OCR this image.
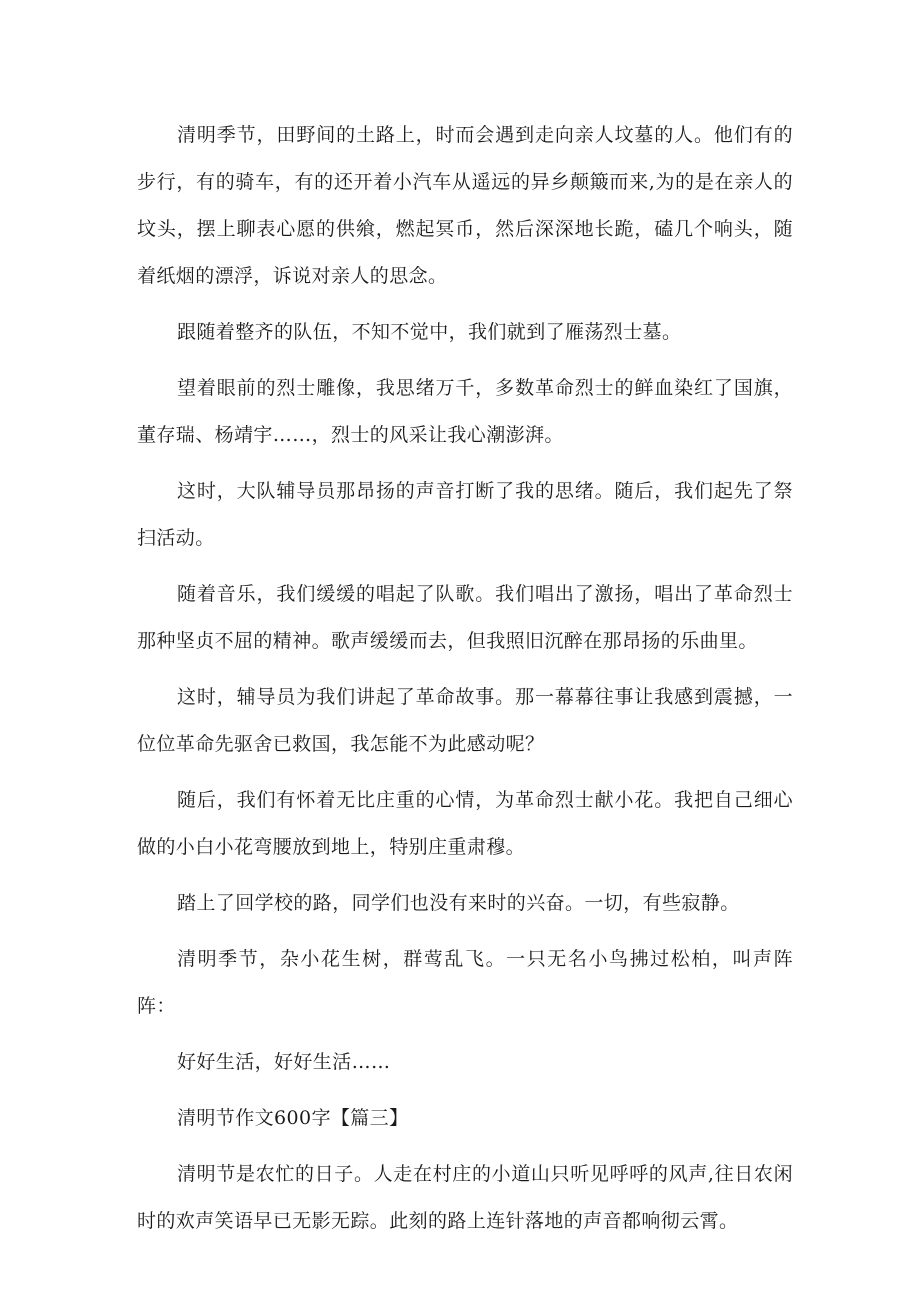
清明季节，田野间的土路上，时而会遇到走向亲人坟墓的人。他们有的步行，有的骑车，有的还开着小汽车从遥远的异乡颠簸而来,为的是在亲人的坟头，摆上聊表心愿的供飨，燃起冥币，然后深深地长跪，磕几个响头，随着纸烟的漂浮，诉说对亲人的思念。

跟随着整齐的队伍，不知不觉中，我们就到了雁荡烈士墓。

望着眼前的烈士雕像，我思绪万千，多数革命烈士的鲜血染红了国旗，董存瑞、杨靖宇……，烈士的风采让我心潮澎湃。

这时，大队辅导员那昂扬的声音打断了我的思绪。随后，我们起先了祭扫活动。

随着音乐，我们缓缓的唱起了队歌。我们唱出了激扬，唱出了革命烈士那种坚贞不屈的精神。歌声缓缓而去，但我照旧沉醉在那昂扬的乐曲里。

这时，辅导员为我们讲起了革命故事。那一幕幕往事让我感到震撼，一位位革命先驱舍已救国，我怎能不为此感动呢？

随后，我们有怀着无比庄重的心情，为革命烈士献小花。我把自己细心做的小白小花弯腰放到地上，特别庄重肃穆。

踏上了回学校的路，同学们也没有来时的兴奋。一切，有些寂静。

清明季节，杂小花生树，群莺乱飞。一只无名小鸟拂过松柏，叫声阵阵：

好好生活，好好生活……

清明节作文600字【篇三】

清明节是农忙的日子。人走在村庄的小道山只听见呼呼的风声,往日农闲时的欢声笑语早已无影无踪。此刻的路上连针落地的声音都响彻云霄。
